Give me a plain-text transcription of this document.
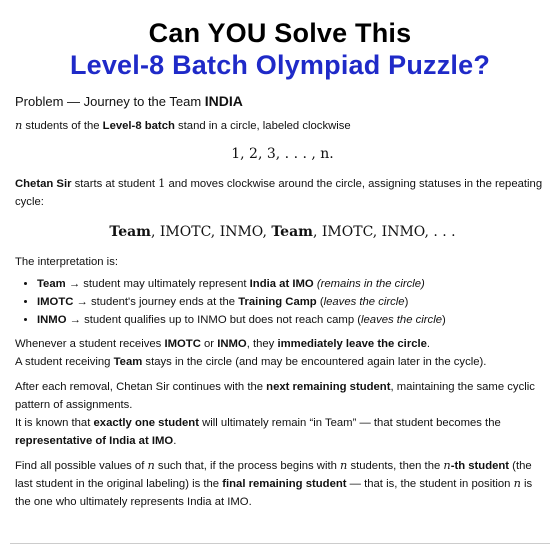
Can YOU Solve This
Level-8 Batch Olympiad Puzzle?
Problem — Journey to the Team INDIA

n students of the Level-8 batch stand in a circle, labeled clockwise

1, 2, 3, . . . , n.

Chetan Sir starts at student 1 and moves clockwise around the circle, assigning statuses in the repeating cycle:

Team, IMOTC, INMO, Team, IMOTC, INMO, . . .

The interpretation is:

• Team → student may ultimately represent India at IMO (remains in the circle)
• IMOTC → student's journey ends at the Training Camp (leaves the circle)
• INMO → student qualifies up to INMO but does not reach camp (leaves the circle)

Whenever a student receives IMOTC or INMO, they immediately leave the circle.

A student receiving Team stays in the circle (and may be encountered again later in the cycle).

After each removal, Chetan Sir continues with the next remaining student, maintaining the same cyclic pattern of assignments.

It is known that exactly one student will ultimately remain “in Team” — that student becomes the representative of India at IMO.

Find all possible values of n such that, if the process begins with n students, then the n-th student (the last student in the original labeling) is the final remaining student — that is, the student in position n is the one who ultimately represents India at IMO.
